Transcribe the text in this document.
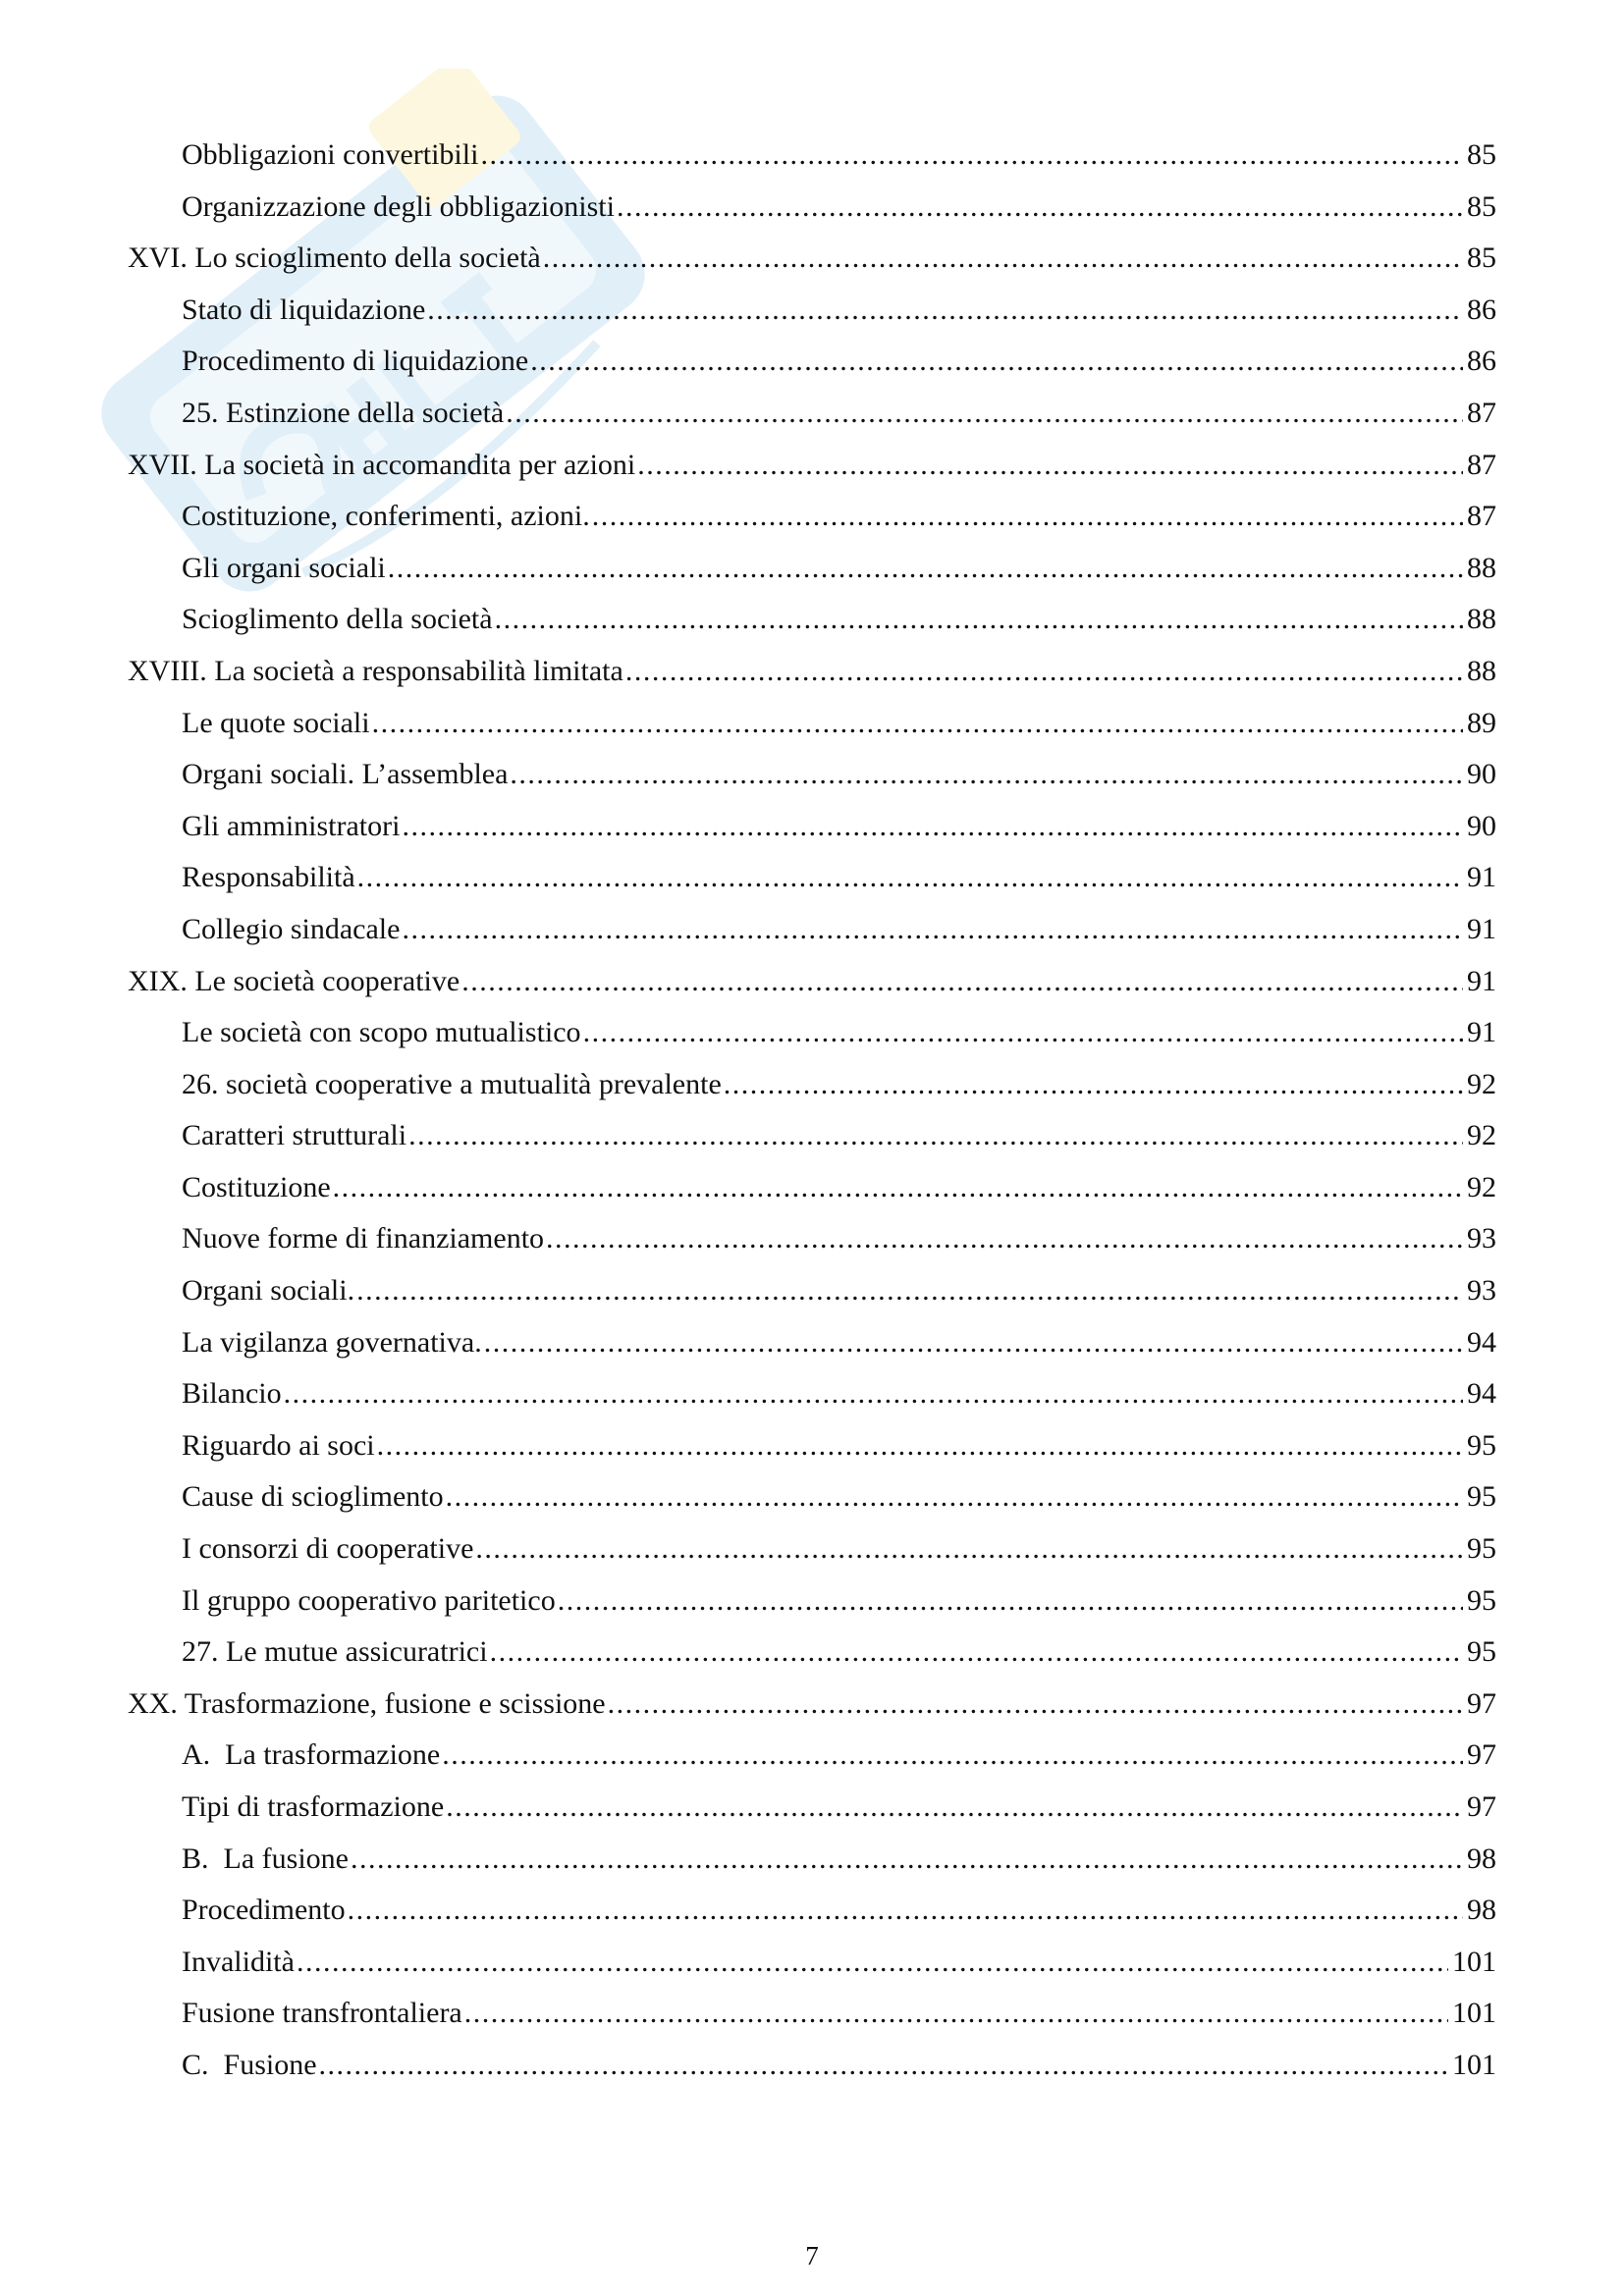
Obbligazioni convertibili .....	85
Organizzazione degli obbligazionisti .....	85
XVI. Lo scioglimento della società .....	85
Stato di liquidazione .....	86
Procedimento di liquidazione .....	86
25. Estinzione della società .....	87
XVII. La società in accomandita per azioni .....	87
Costituzione, conferimenti, azioni. .....	87
Gli organi sociali .....	88
Scioglimento della società .....	88
XVIII. La società a responsabilità limitata .....	88
Le quote sociali .....	89
Organi sociali. L’assemblea .....	90
Gli amministratori .....	90
Responsabilità .....	91
Collegio sindacale .....	91
XIX. Le società cooperative .....	91
Le società con scopo mutualistico .....	91
26. società cooperative a mutualità prevalente .....	92
Caratteri strutturali .....	92
Costituzione .....	92
Nuove forme di finanziamento .....	93
Organi sociali. .....	93
La vigilanza governativa. .....	94
Bilancio .....	94
Riguardo ai soci .....	95
Cause di scioglimento .....	95
I consorzi di cooperative .....	95
Il gruppo cooperativo paritetico .....	95
27. Le mutue assicuratrici .....	95
XX. Trasformazione, fusione e scissione .....	97
A.  La trasformazione .....	97
Tipi di trasformazione .....	97
B.  La fusione .....	98
Procedimento .....	98
Invalidità .....	101
Fusione transfrontaliera .....	101
C.  Fusione .....	101
7
